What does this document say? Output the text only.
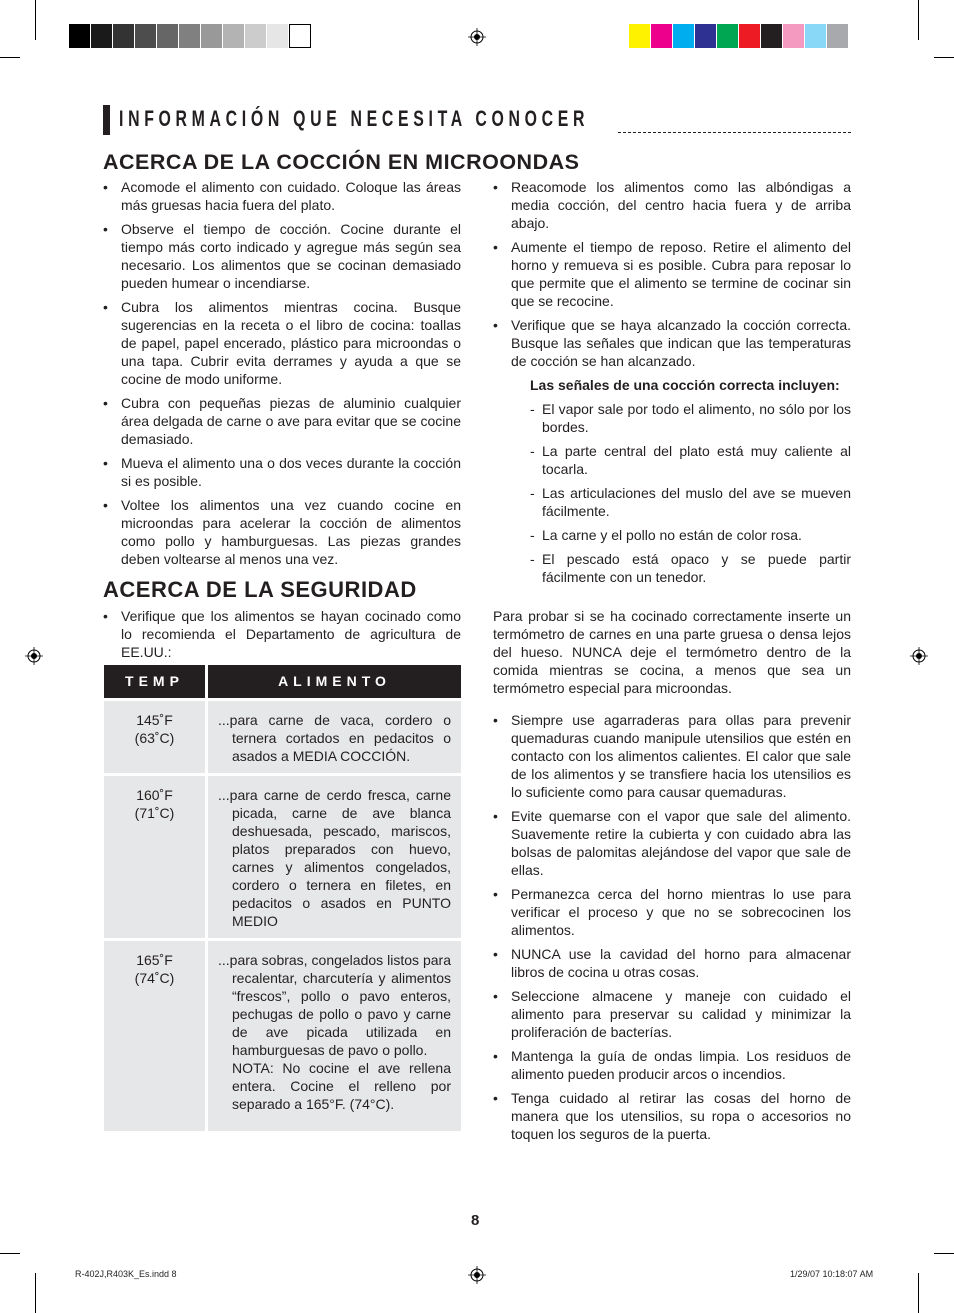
INFORMACIÓN QUE NECESITA CONOCER
ACERCA DE LA COCCIÓN EN MICROONDAS
• Acomode el alimento con cuidado. Coloque las áreas más gruesas hacia fuera del plato.
• Observe el tiempo de cocción. Cocine durante el tiempo más corto indicado y agregue más según sea necesario. Los alimentos que se cocinan demasiado pueden humear o incendiarse.
• Cubra los alimentos mientras cocina. Busque sugerencias en la receta o el libro de cocina: toallas de papel, papel encerado, plástico para microondas o una tapa. Cubrir evita derrames y ayuda a que se cocine de modo uniforme.
• Cubra con pequeñas piezas de aluminio cualquier área delgada de carne o ave para evitar que se cocine demasiado.
• Mueva el alimento una o dos veces durante la cocción si es posible.
• Voltee los alimentos una vez cuando cocine en microondas para acelerar la cocción de alimentos como pollo y hamburguesas. Las piezas grandes deben voltearse al menos una vez.
• Reacomode los alimentos como las albóndigas a media cocción, del centro hacia fuera y de arriba abajo.
• Aumente el tiempo de reposo. Retire el alimento del horno y remueva si es posible. Cubra para reposar lo que permite que el alimento se termine de cocinar sin que se recocine.
• Verifique que se haya alcanzado la cocción correcta. Busque las señales que indican que las temperaturas de cocción se han alcanzado.
Las señales de una cocción correcta incluyen:
- El vapor sale por todo el alimento, no sólo por los bordes.
- La parte central del plato está muy caliente al tocarla.
- Las articulaciones del muslo del ave se mueven fácilmente.
- La carne y el pollo no están de color rosa.
- El pescado está opaco y se puede partir fácilmente con un tenedor.
ACERCA DE LA SEGURIDAD
• Verifique que los alimentos se hayan cocinado como lo recomienda el Departamento de agricultura de EE.UU.:
TEMP	ALIMENTO
145˚F
(63˚C)
...para carne de vaca, cordero o ternera cortados en pedacitos o asados a MEDIA COCCIÓN.
160˚F
(71˚C)
...para carne de cerdo fresca, carne picada, carne de ave blanca deshuesada, pescado, mariscos, platos preparados con huevo, carnes y alimentos congelados, cordero o ternera en filetes, en pedacitos o asados en PUNTO MEDIO
165˚F
(74˚C)
...para sobras, congelados listos para recalentar, charcutería y alimentos “frescos”, pollo o pavo enteros, pechugas de pollo o pavo y carne de ave picada utilizada en hamburguesas de pavo o pollo.
NOTA: No cocine el ave rellena entera. Cocine el relleno por separado a 165°F. (74°C).

Para probar si se ha cocinado correctamente inserte un termómetro de carnes en una parte gruesa o densa lejos del hueso. NUNCA deje el termómetro dentro de la comida mientras se cocina, a menos que sea un termómetro especial para microondas.

• Siempre use agarraderas para ollas para prevenir quemaduras cuando manipule utensilios que estén en contacto con los alimentos calientes. El calor que sale de los alimentos y se transfiere hacia los utensilios es lo suficiente como para causar quemaduras.
• Evite quemarse con el vapor que sale del alimento. Suavemente retire la cubierta y con cuidado abra las bolsas de palomitas alejándose del vapor que sale de ellas.
• Permanezca cerca del horno mientras lo use para verificar el proceso y que no se sobrecocinen los alimentos.
• NUNCA use la cavidad del horno para almacenar libros de cocina u otras cosas.
• Seleccione almacene y maneje con cuidado el alimento para preservar su calidad y minimizar la proliferación de bacterías.
• Mantenga la guía de ondas limpia. Los residuos de alimento pueden producir arcos o incendios.
• Tenga cuidado al retirar las cosas del horno de manera que los utensilios, su ropa o accesorios no toquen los seguros de la puerta.
8
R-402J,R403K_Es.indd 8	1/29/07 10:18:07 AM
